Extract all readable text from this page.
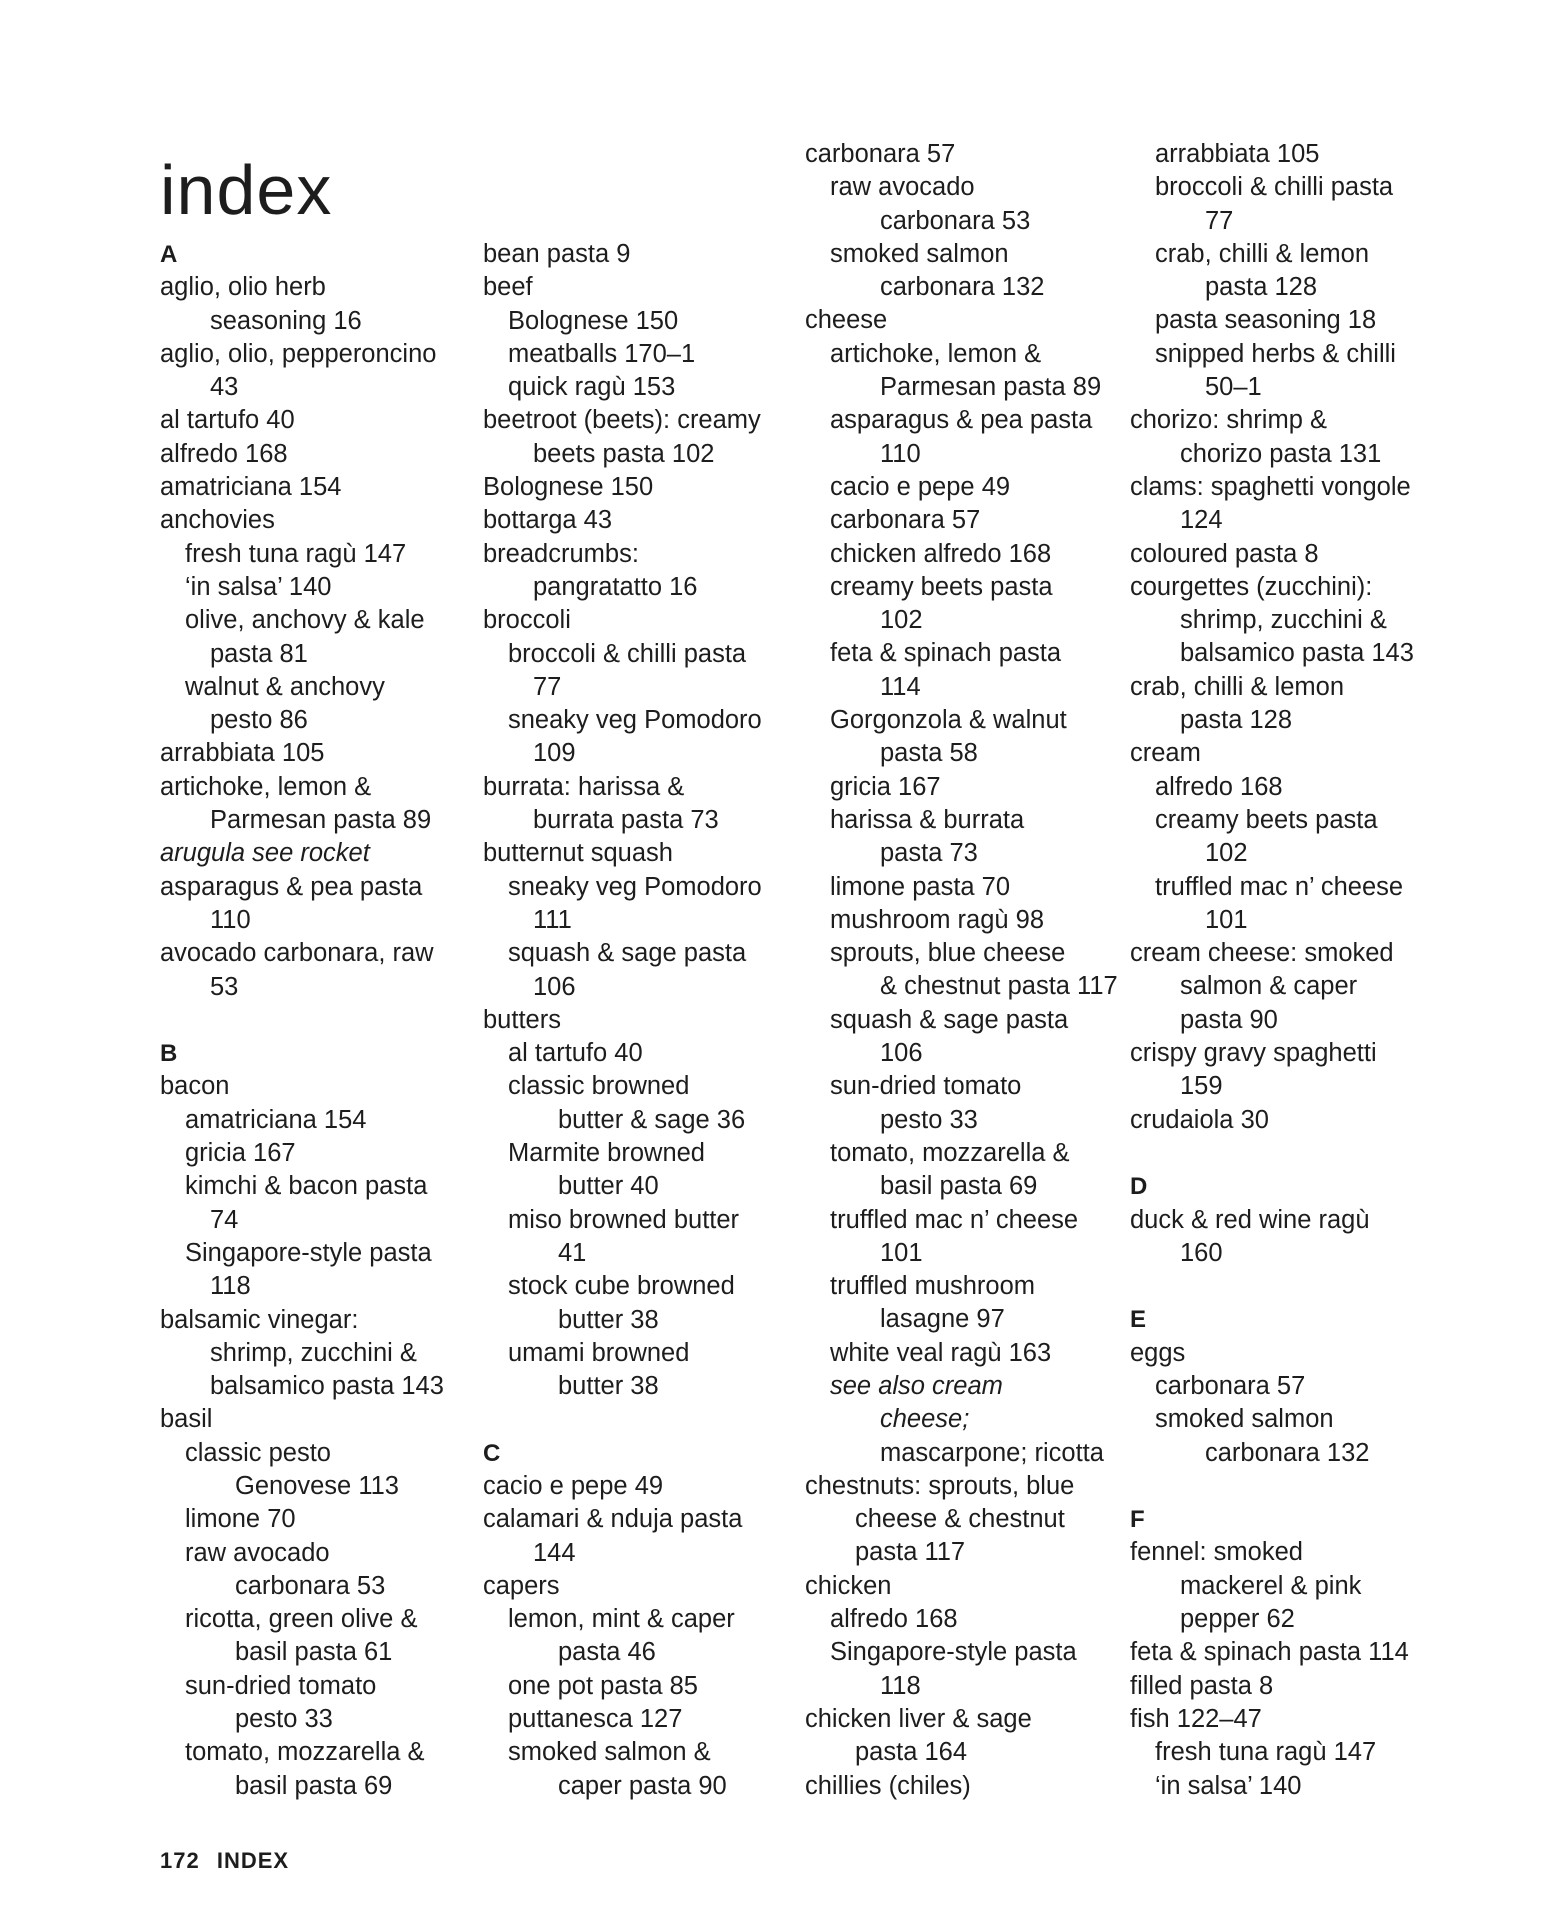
index
A
aglio, olio herb
seasoning 16
aglio, olio, pepperoncino
43
al tartufo 40
alfredo 168
amatriciana 154
anchovies
fresh tuna ragù 147
‘in salsa’ 140
olive, anchovy & kale
pasta 81
walnut & anchovy
pesto 86
arrabbiata 105
artichoke, lemon &
Parmesan pasta 89
arugula see rocket
asparagus & pea pasta
110
avocado carbonara, raw
53
B
bacon
amatriciana 154
gricia 167
kimchi & bacon pasta
74
Singapore-style pasta
118
balsamic vinegar:
shrimp, zucchini &
balsamico pasta 143
basil
classic pesto
Genovese 113
limone 70
raw avocado
carbonara 53
ricotta, green olive &
basil pasta 61
sun-dried tomato
pesto 33
tomato, mozzarella &
basil pasta 69
bean pasta 9
beef
Bolognese 150
meatballs 170–1
quick ragù 153
beetroot (beets): creamy
beets pasta 102
Bolognese 150
bottarga 43
breadcrumbs:
pangratatto 16
broccoli
broccoli & chilli pasta
77
sneaky veg Pomodoro
109
burrata: harissa &
burrata pasta 73
butternut squash
sneaky veg Pomodoro
111
squash & sage pasta
106
butters
al tartufo 40
classic browned
butter & sage 36
Marmite browned
butter 40
miso browned butter
41
stock cube browned
butter 38
umami browned
butter 38
C
cacio e pepe 49
calamari & nduja pasta
144
capers
lemon, mint & caper
pasta 46
one pot pasta 85
puttanesca 127
smoked salmon &
caper pasta 90
carbonara 57
raw avocado
carbonara 53
smoked salmon
carbonara 132
cheese
artichoke, lemon &
Parmesan pasta 89
asparagus & pea pasta
110
cacio e pepe 49
carbonara 57
chicken alfredo 168
creamy beets pasta
102
feta & spinach pasta
114
Gorgonzola & walnut
pasta 58
gricia 167
harissa & burrata
pasta 73
limone pasta 70
mushroom ragù 98
sprouts, blue cheese
& chestnut pasta 117
squash & sage pasta
106
sun-dried tomato
pesto 33
tomato, mozzarella &
basil pasta 69
truffled mac n’ cheese
101
truffled mushroom
lasagne 97
white veal ragù 163
see also cream
cheese;
mascarpone; ricotta
chestnuts: sprouts, blue
cheese & chestnut
pasta 117
chicken
alfredo 168
Singapore-style pasta
118
chicken liver & sage
pasta 164
chillies (chiles)
arrabbiata 105
broccoli & chilli pasta
77
crab, chilli & lemon
pasta 128
pasta seasoning 18
snipped herbs & chilli
50–1
chorizo: shrimp &
chorizo pasta 131
clams: spaghetti vongole
124
coloured pasta 8
courgettes (zucchini):
shrimp, zucchini &
balsamico pasta 143
crab, chilli & lemon
pasta 128
cream
alfredo 168
creamy beets pasta
102
truffled mac n’ cheese
101
cream cheese: smoked
salmon & caper
pasta 90
crispy gravy spaghetti
159
crudaiola 30
D
duck & red wine ragù
160
E
eggs
carbonara 57
smoked salmon
carbonara 132
F
fennel: smoked
mackerel & pink
pepper 62
feta & spinach pasta 114
filled pasta 8
fish 122–47
fresh tuna ragù 147
‘in salsa’ 140
172 INDEX
